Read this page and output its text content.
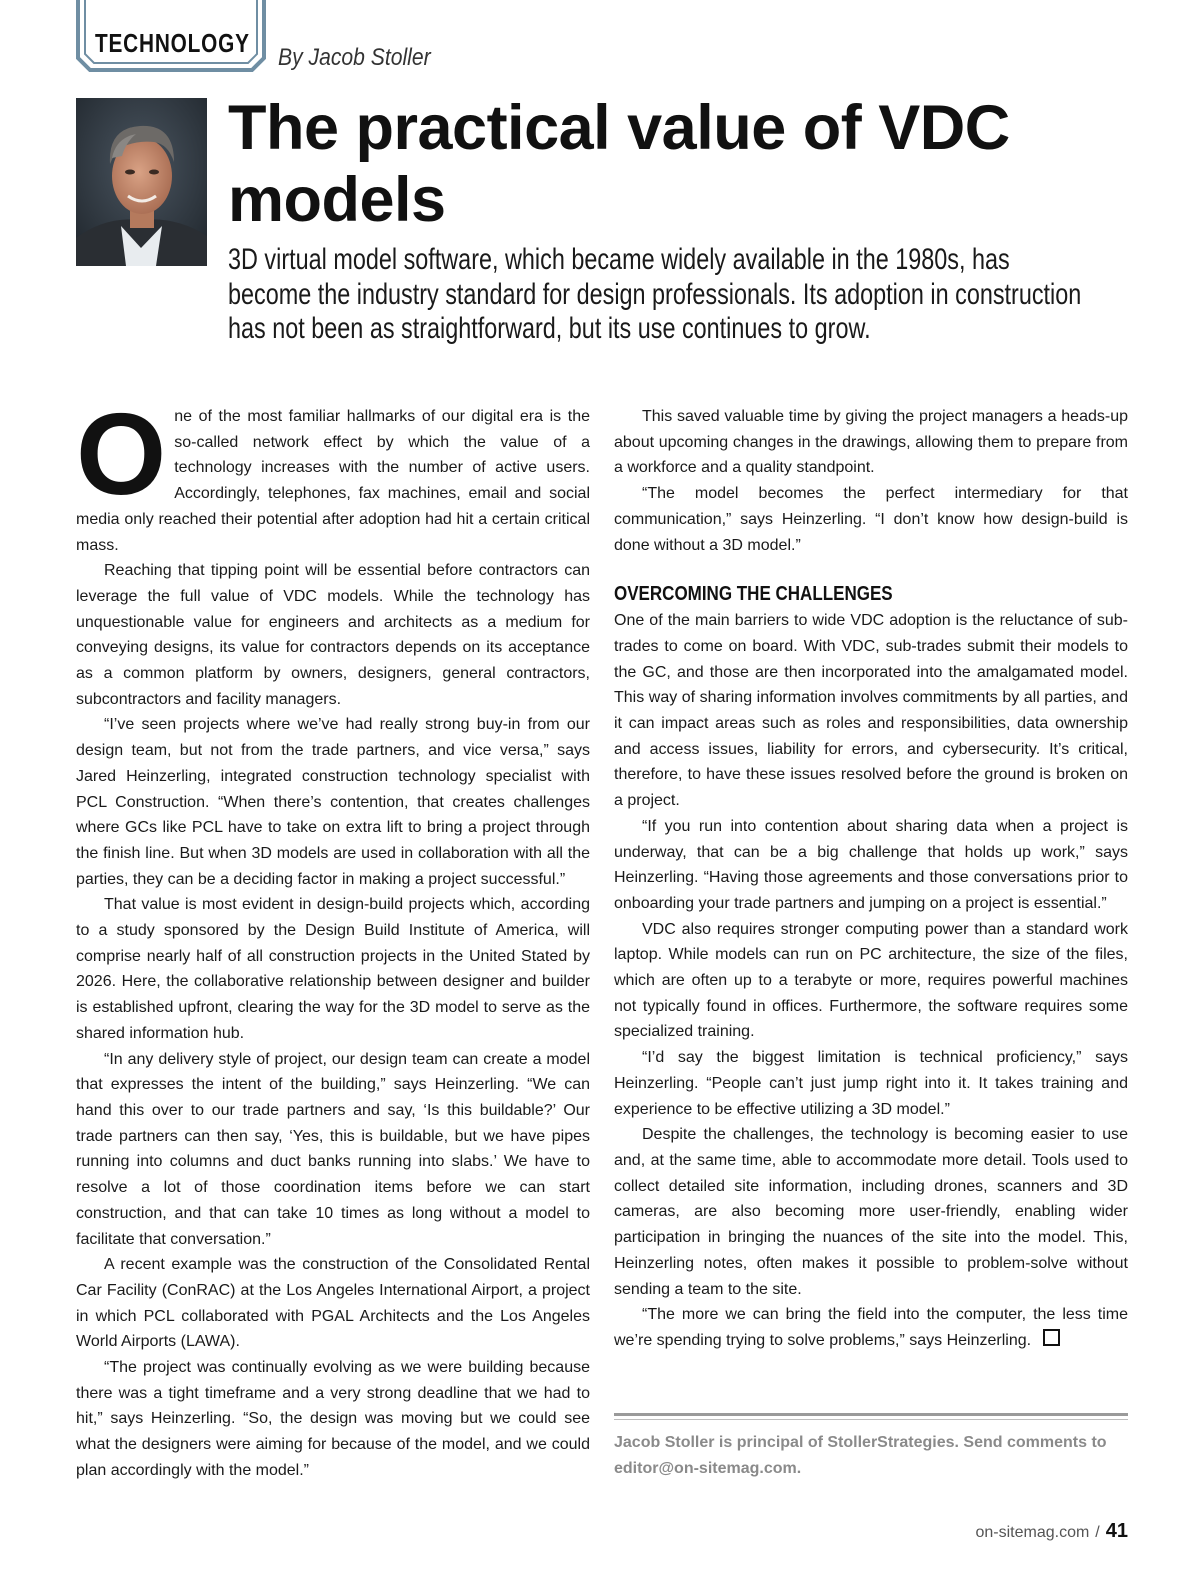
TECHNOLOGY By Jacob Stoller
The practical value of VDC models

3D virtual model software, which became widely available in the 1980s, has become the industry standard for design professionals. Its adoption in construction has not been as straightforward, but its use continues to grow.

One of the most familiar hallmarks of our digital era is the so-called network effect by which the value of a technology increases with the number of active users. Accordingly, telephones, fax machines, email and social media only reached their potential after adoption had hit a certain critical mass.

Reaching that tipping point will be essential before contractors can leverage the full value of VDC models. While the technology has unquestionable value for engineers and architects as a medium for conveying designs, its value for contractors depends on its acceptance as a common platform by owners, designers, general contractors, subcontractors and facility managers.

“I’ve seen projects where we’ve had really strong buy-in from our design team, but not from the trade partners, and vice versa,” says Jared Heinzerling, integrated construction technology specialist with PCL Construction. “When there’s contention, that creates challenges where GCs like PCL have to take on extra lift to bring a project through the finish line. But when 3D models are used in collaboration with all the parties, they can be a deciding factor in making a project successful.”

That value is most evident in design-build projects which, according to a study sponsored by the Design Build Institute of America, will comprise nearly half of all construction projects in the United Stated by 2026. Here, the collaborative relationship between designer and builder is established upfront, clearing the way for the 3D model to serve as the shared information hub.

“In any delivery style of project, our design team can create a model that expresses the intent of the building,” says Heinzerling. “We can hand this over to our trade partners and say, ‘Is this buildable?’ Our trade partners can then say, ‘Yes, this is buildable, but we have pipes running into columns and duct banks running into slabs.’ We have to resolve a lot of those coordination items before we can start construction, and that can take 10 times as long without a model to facilitate that conversation.”

A recent example was the construction of the Consolidated Rental Car Facility (ConRAC) at the Los Angeles International Airport, a project in which PCL collaborated with PGAL Architects and the Los Angeles World Airports (LAWA).

“The project was continually evolving as we were building because there was a tight timeframe and a very strong deadline that we had to hit,” says Heinzerling. “So, the design was moving but we could see what the designers were aiming for because of the model, and we could plan accordingly with the model.”

This saved valuable time by giving the project managers a heads-up about upcoming changes in the drawings, allowing them to prepare from a workforce and a quality standpoint.

“The model becomes the perfect intermediary for that communication,” says Heinzerling. “I don’t know how design-build is done without a 3D model.”

OVERCOMING THE CHALLENGES

One of the main barriers to wide VDC adoption is the reluctance of sub-trades to come on board. With VDC, sub-trades submit their models to the GC, and those are then incorporated into the amalgamated model. This way of sharing information involves commitments by all parties, and it can impact areas such as roles and responsibilities, data ownership and access issues, liability for errors, and cybersecurity. It’s critical, therefore, to have these issues resolved before the ground is broken on a project.

“If you run into contention about sharing data when a project is underway, that can be a big challenge that holds up work,” says Heinzerling. “Having those agreements and those conversations prior to onboarding your trade partners and jumping on a project is essential.”

VDC also requires stronger computing power than a standard work laptop. While models can run on PC architecture, the size of the files, which are often up to a terabyte or more, requires powerful machines not typically found in offices. Furthermore, the software requires some specialized training.

“I’d say the biggest limitation is technical proficiency,” says Heinzerling. “People can’t just jump right into it. It takes training and experience to be effective utilizing a 3D model.”

Despite the challenges, the technology is becoming easier to use and, at the same time, able to accommodate more detail. Tools used to collect detailed site information, including drones, scanners and 3D cameras, are also becoming more user-friendly, enabling wider participation in bringing the nuances of the site into the model. This, Heinzerling notes, often makes it possible to problem-solve without sending a team to the site.

“The more we can bring the field into the computer, the less time we’re spending trying to solve problems,” says Heinzerling.

Jacob Stoller is principal of StollerStrategies. Send comments to editor@on-sitemag.com.

on-sitemag.com / 41
